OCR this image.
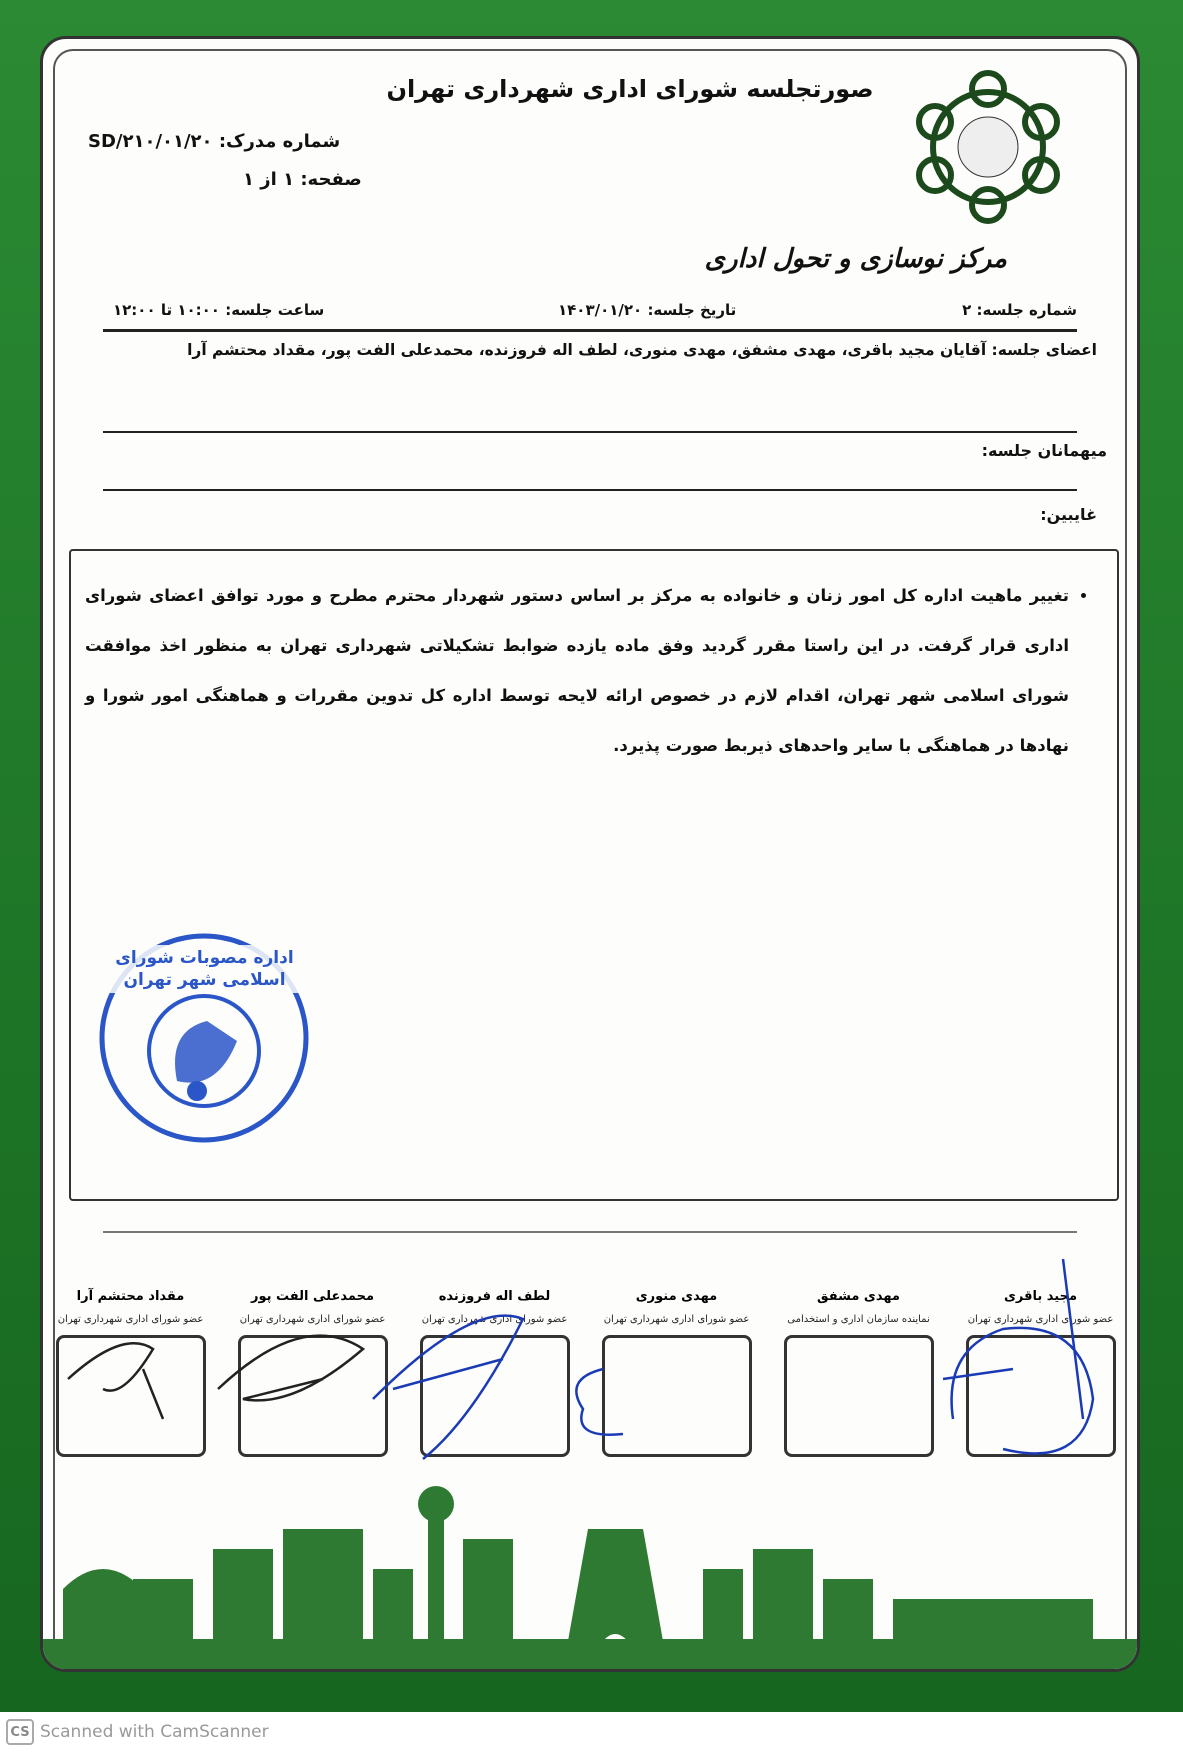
صورتجلسه شورای اداری شهرداری تهران
مرکز نوسازی و تحول اداری
شماره مدرک: SD/۲۱۰/۰۱/۲۰
صفحه: ۱ از ۱
شماره جلسه: ۲
تاریخ جلسه: ۱۴۰۳/۰۱/۲۰
ساعت جلسه: ۱۰:۰۰ تا ۱۲:۰۰
اعضای جلسه: آقایان مجید باقری، مهدی مشفق، مهدی منوری، لطف اله فروزنده، محمدعلی الفت پور، مقداد محتشم آرا
میهمانان جلسه:
غایبین:
• تغییر ماهیت اداره کل امور زنان و خانواده به مرکز بر اساس دستور شهردار محترم مطرح و مورد توافق اعضای شورای اداری قرار گرفت. در این راستا مقرر گردید وفق ماده یازده ضوابط تشکیلاتی شهرداری تهران به منظور اخذ موافقت شورای اسلامی شهر تهران، اقدام لازم در خصوص ارائه لایحه توسط اداره کل تدوین مقررات و هماهنگی امور شورا و نهادها در هماهنگی با سایر واحدهای ذیربط صورت پذیرد.
اداره مصوبات شورای اسلامی شهر تهران
مجید باقری
عضو شورای اداری شهرداری تهران
مهدی مشفق
نماینده سازمان اداری و استخدامی
مهدی منوری
عضو شورای اداری شهرداری تهران
لطف اله فروزنده
عضو شورای اداری شهرداری تهران
محمدعلی الفت پور
عضو شورای اداری شهرداری تهران
مقداد محتشم آرا
عضو شورای اداری شهرداری تهران
CS Scanned with CamScanner
